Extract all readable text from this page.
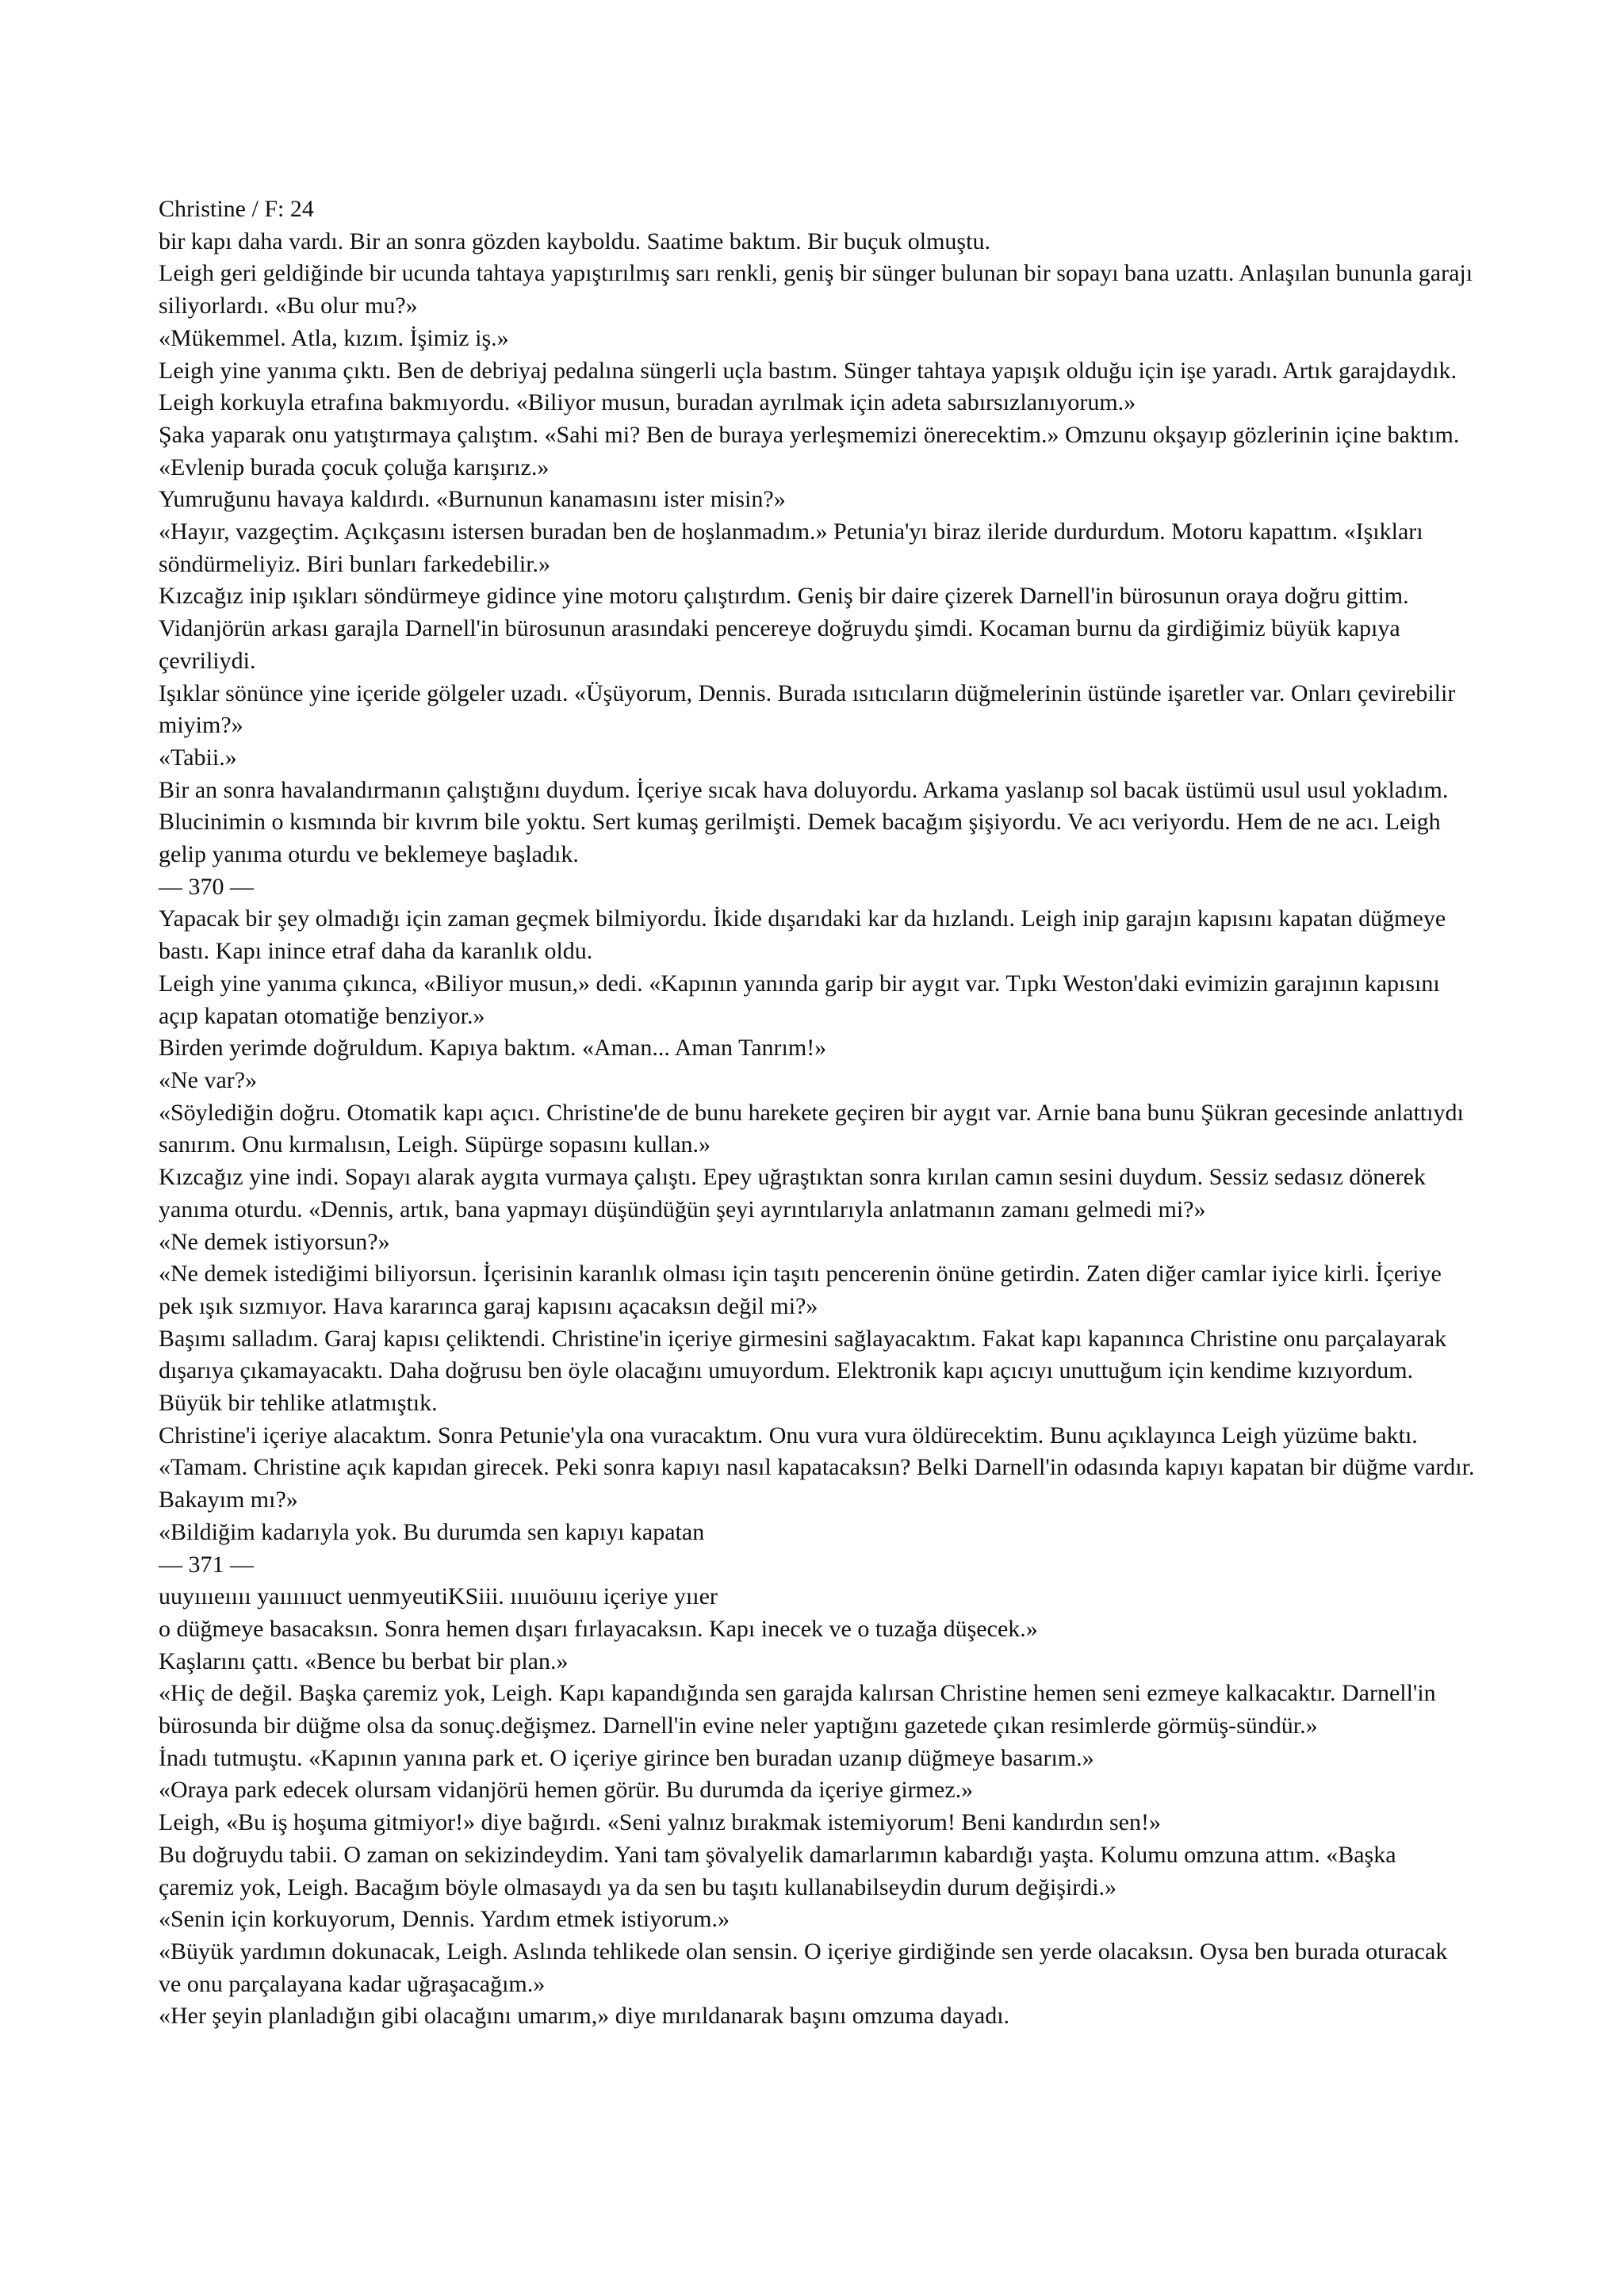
Christine / F: 24

bir kapı daha vardı. Bir an sonra gözden kayboldu. Saatime baktım. Bir buçuk olmuştu.

Leigh geri geldiğinde bir ucunda tahtaya yapıştırılmış sarı renkli, geniş bir sünger bulunan bir sopayı bana uzattı. Anlaşılan bununla garajı siliyorlardı. «Bu olur mu?»

«Mükemmel. Atla, kızım. İşimiz iş.»

Leigh yine yanıma çıktı. Ben de debriyaj pedalına süngerli uçla bastım. Sünger tahtaya yapışık olduğu için işe yaradı. Artık garajdaydık.

Leigh korkuyla etrafına bakmıyordu. «Biliyor musun, buradan ayrılmak için adeta sabırsızlanıyorum.»

Şaka yaparak onu yatıştırmaya çalıştım. «Sahi mi? Ben de buraya yerleşmemizi önerecektim.» Omzunu okşayıp gözlerinin içine baktım. «Evlenip burada çocuk çoluğa karışırız.»

Yumruğunu havaya kaldırdı. «Burnunun kanamasını ister misin?»

«Hayır, vazgeçtim. Açıkçasını istersen buradan ben de hoşlanmadım.» Petunia'yı biraz ileride durdurdum. Motoru kapattım. «Işıkları söndürmeliyiz. Biri bunları farkedebilir.»

Kızcağız inip ışıkları söndürmeye gidince yine motoru çalıştırdım. Geniş bir daire çizerek Darnell'in bürosunun oraya doğru gittim. Vidanjörün arkası garajla Darnell'in bürosunun arasındaki pencereye doğruydu şimdi. Kocaman burnu da girdiğimiz büyük kapıya çevriliydi.

Işıklar sönünce yine içeride gölgeler uzadı. «Üşüyorum, Dennis. Burada ısıtıcıların düğmelerinin üstünde işaretler var. Onları çevirebilir miyim?»

«Tabii.»

Bir an sonra havalandırmanın çalıştığını duydum. İçeriye sıcak hava doluyordu. Arkama yaslanıp sol bacak üstümü usul usul yokladım. Blucinimin o kısmında bir kıvrım bile yoktu. Sert kumaş gerilmişti. Demek bacağım şişiyordu. Ve acı veriyordu. Hem de ne acı. Leigh gelip yanıma oturdu ve beklemeye başladık.

— 370 —

Yapacak bir şey olmadığı için zaman geçmek bilmiyordu. İkide dışarıdaki kar da hızlandı. Leigh inip garajın kapısını kapatan düğmeye bastı. Kapı inince etraf daha da karanlık oldu.

Leigh yine yanıma çıkınca, «Biliyor musun,» dedi. «Kapının yanında garip bir aygıt var. Tıpkı Weston'daki evimizin garajının kapısını açıp kapatan otomatiğe benziyor.»

Birden yerimde doğruldum. Kapıya baktım. «Aman... Aman Tanrım!»

«Ne var?»

«Söylediğin doğru. Otomatik kapı açıcı. Christine'de de bunu harekete geçiren bir aygıt var. Arnie bana bunu Şükran gecesinde anlattıydı sanırım. Onu kırmalısın, Leigh. Süpürge sopasını kullan.»

Kızcağız yine indi. Sopayı alarak aygıta vurmaya çalıştı. Epey uğraştıktan sonra kırılan camın sesini duydum. Sessiz sedasız dönerek yanıma oturdu. «Dennis, artık, bana yapmayı düşündüğün şeyi ayrıntılarıyla anlatmanın zamanı gelmedi mi?»

«Ne demek istiyorsun?»

«Ne demek istediğimi biliyorsun. İçerisinin karanlık olması için taşıtı pencerenin önüne getirdin. Zaten diğer camlar iyice kirli. İçeriye pek ışık sızmıyor. Hava kararınca garaj kapısını açacaksın değil mi?»

Başımı salladım. Garaj kapısı çeliktendi. Christine'in içeriye girmesini sağlayacaktım. Fakat kapı kapanınca Christine onu parçalayarak dışarıya çıkamayacaktı. Daha doğrusu ben öyle olacağını umuyordum. Elektronik kapı açıcıyı unuttuğum için kendime kızıyordum. Büyük bir tehlike atlatmıştık.

Christine'i içeriye alacaktım. Sonra Petunie'yla ona vuracaktım. Onu vura vura öldürecektim. Bunu açıklayınca Leigh yüzüme baktı. «Tamam. Christine açık kapıdan girecek. Peki sonra kapıyı nasıl kapatacaksın? Belki Darnell'in odasında kapıyı kapatan bir düğme vardır. Bakayım mı?»

«Bildiğim kadarıyla yok. Bu durumda sen kapıyı kapatan

— 371 —

uuyıııeıııı yaıııııuct uenmyeutiKSiii. ıııuıöuııu içeriye yııer

o düğmeye basacaksın. Sonra hemen dışarı fırlayacaksın. Kapı inecek ve o tuzağa düşecek.»

Kaşlarını çattı. «Bence bu berbat bir plan.»

«Hiç de değil. Başka çaremiz yok, Leigh. Kapı kapandığında sen garajda kalırsan Christine hemen seni ezmeye kalkacaktır. Darnell'in bürosunda bir düğme olsa da sonuç.değişmez. Darnell'in evine neler yaptığını gazetede çıkan resimlerde görmüş-sündür.»

İnadı tutmuştu. «Kapının yanına park et. O içeriye girince ben buradan uzanıp düğmeye basarım.»

«Oraya park edecek olursam vidanjörü hemen görür. Bu durumda da içeriye girmez.»

Leigh, «Bu iş hoşuma gitmiyor!» diye bağırdı. «Seni yalnız bırakmak istemiyorum! Beni kandırdın sen!»

Bu doğruydu tabii. O zaman on sekizindeydim. Yani tam şövalyelik damarlarımın kabardığı yaşta. Kolumu omzuna attım. «Başka çaremiz yok, Leigh. Bacağım böyle olmasaydı ya da sen bu taşıtı kullanabilseydin durum değişirdi.»

«Senin için korkuyorum, Dennis. Yardım etmek istiyorum.»

«Büyük yardımın dokunacak, Leigh. Aslında tehlikede olan sensin. O içeriye girdiğinde sen yerde olacaksın. Oysa ben burada oturacak ve onu parçalayana kadar uğraşacağım.»

«Her şeyin planladığın gibi olacağını umarım,» diye mırıldanarak başını omzuma dayadı.
